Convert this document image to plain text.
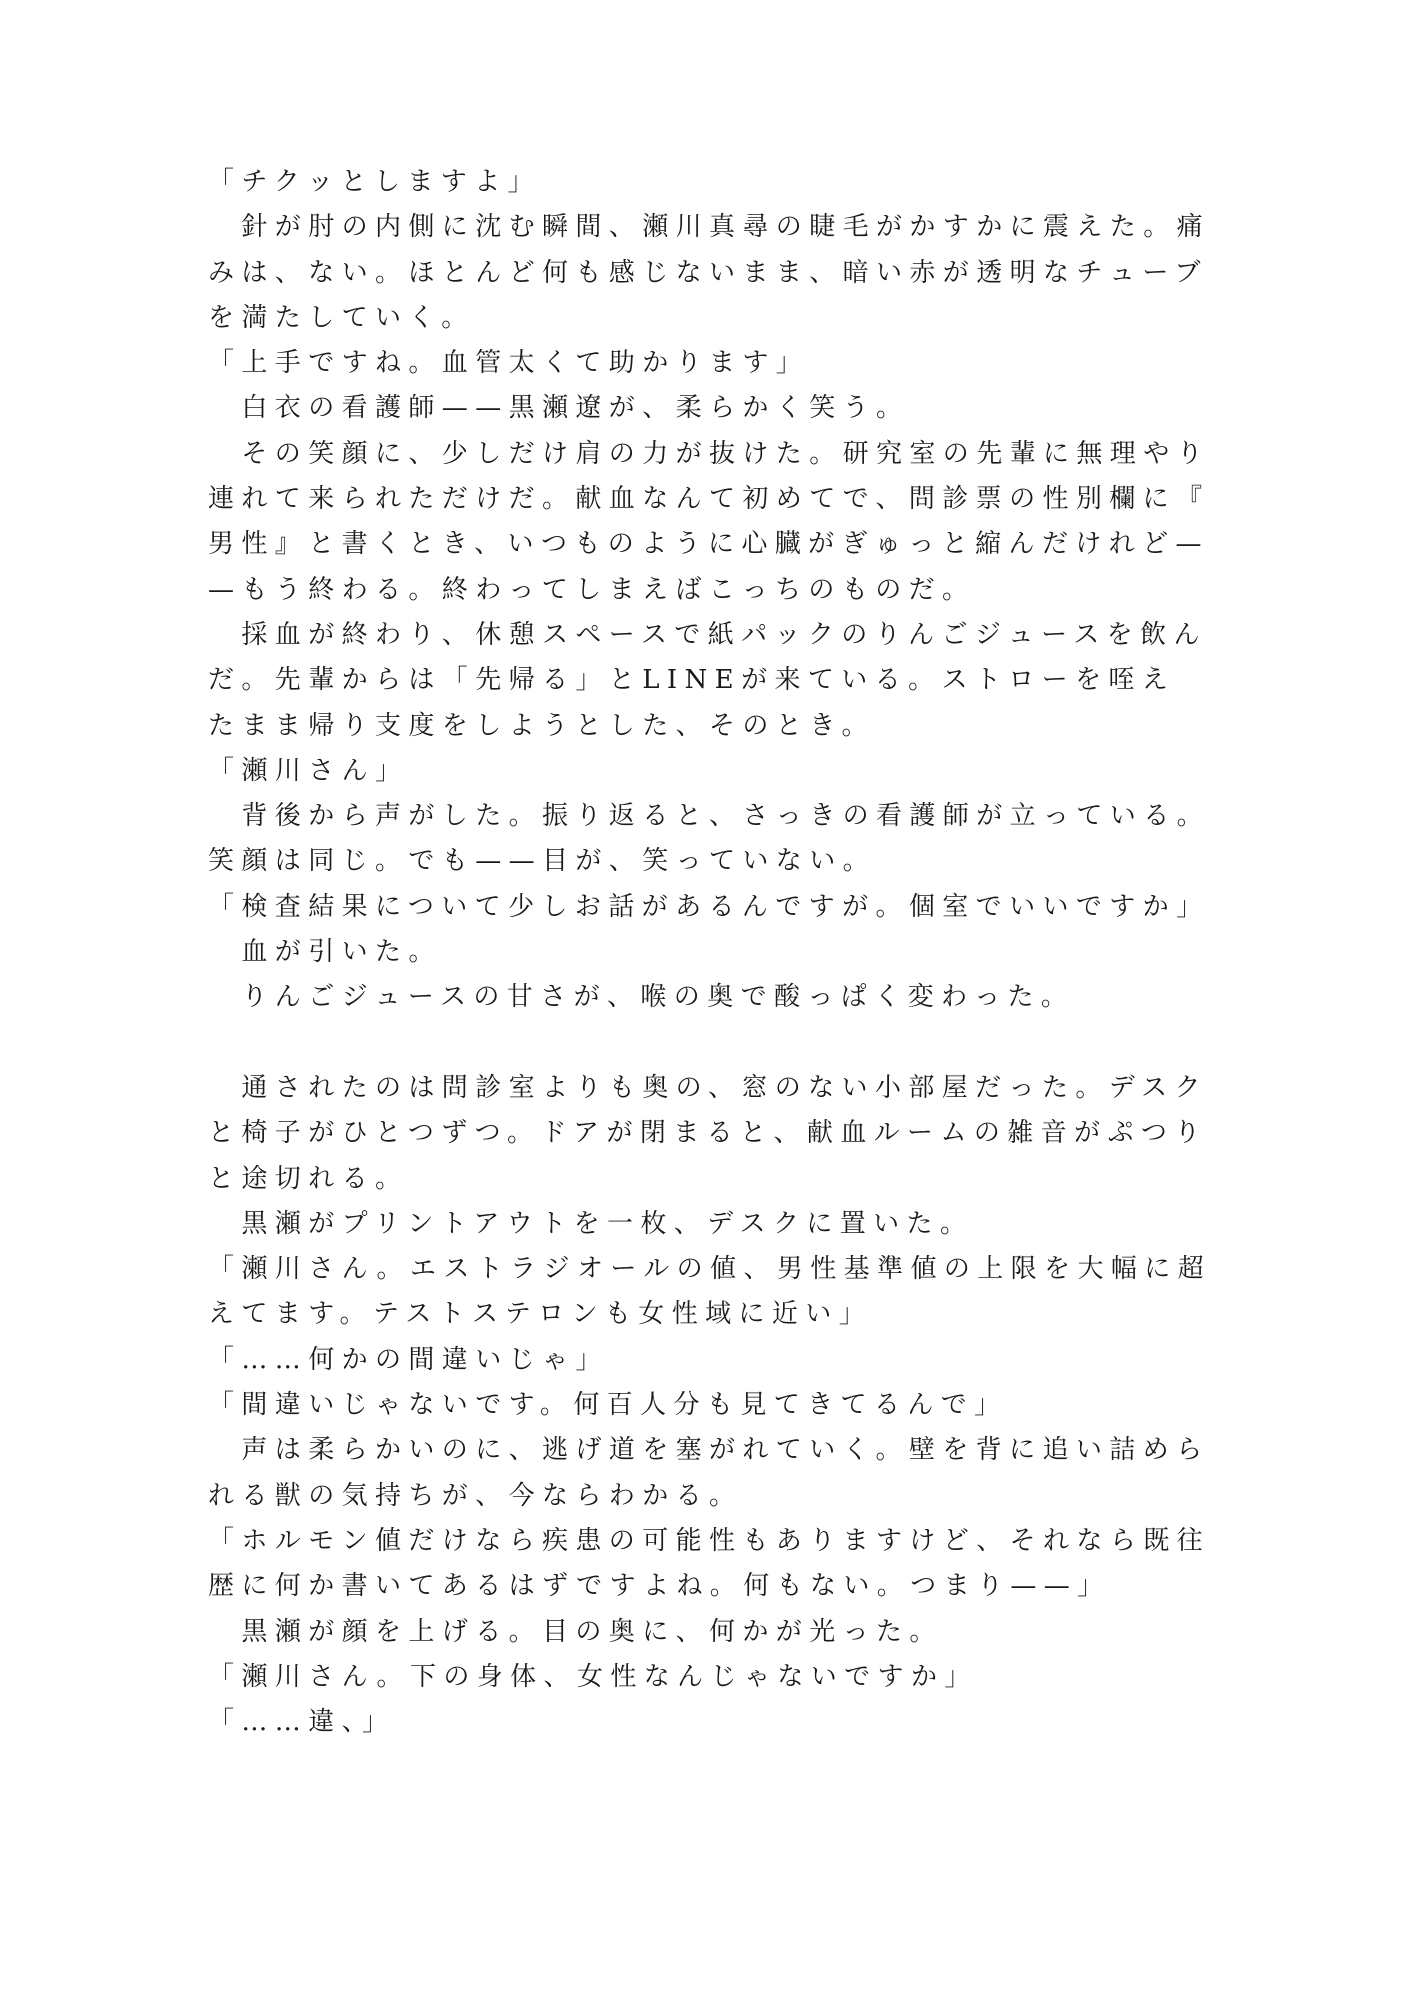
「チクッとしますよ」
　針が肘の内側に沈む瞬間、瀬川真尋の睫毛がかすかに震えた。痛
みは、ない。ほとんど何も感じないまま、暗い赤が透明なチューブ
を満たしていく。
「上手ですね。血管太くて助かります」
　白衣の看護師——黒瀬遼が、柔らかく笑う。
　その笑顔に、少しだけ肩の力が抜けた。研究室の先輩に無理やり
連れて来られただけだ。献血なんて初めてで、問診票の性別欄に『
男性』と書くとき、いつものように心臓がぎゅっと縮んだけれど—
—もう終わる。終わってしまえばこっちのものだ。
　採血が終わり、休憩スペースで紙パックのりんごジュースを飲ん
だ。先輩からは「先帰る」とLINEが来ている。ストローを咥え
たまま帰り支度をしようとした、そのとき。
「瀬川さん」
　背後から声がした。振り返ると、さっきの看護師が立っている。
笑顔は同じ。でも——目が、笑っていない。
「検査結果について少しお話があるんですが。個室でいいですか」
　血が引いた。
　りんごジュースの甘さが、喉の奥で酸っぱく変わった。
　通されたのは問診室よりも奥の、窓のない小部屋だった。デスク
と椅子がひとつずつ。ドアが閉まると、献血ルームの雑音がぷつり
と途切れる。
　黒瀬がプリントアウトを一枚、デスクに置いた。
「瀬川さん。エストラジオールの値、男性基準値の上限を大幅に超
えてます。テストステロンも女性域に近い」
「……何かの間違いじゃ」
「間違いじゃないです。何百人分も見てきてるんで」
　声は柔らかいのに、逃げ道を塞がれていく。壁を背に追い詰めら
れる獣の気持ちが、今ならわかる。
「ホルモン値だけなら疾患の可能性もありますけど、それなら既往
歴に何か書いてあるはずですよね。何もない。つまり——」
　黒瀬が顔を上げる。目の奥に、何かが光った。
「瀬川さん。下の身体、女性なんじゃないですか」
「……違、」
